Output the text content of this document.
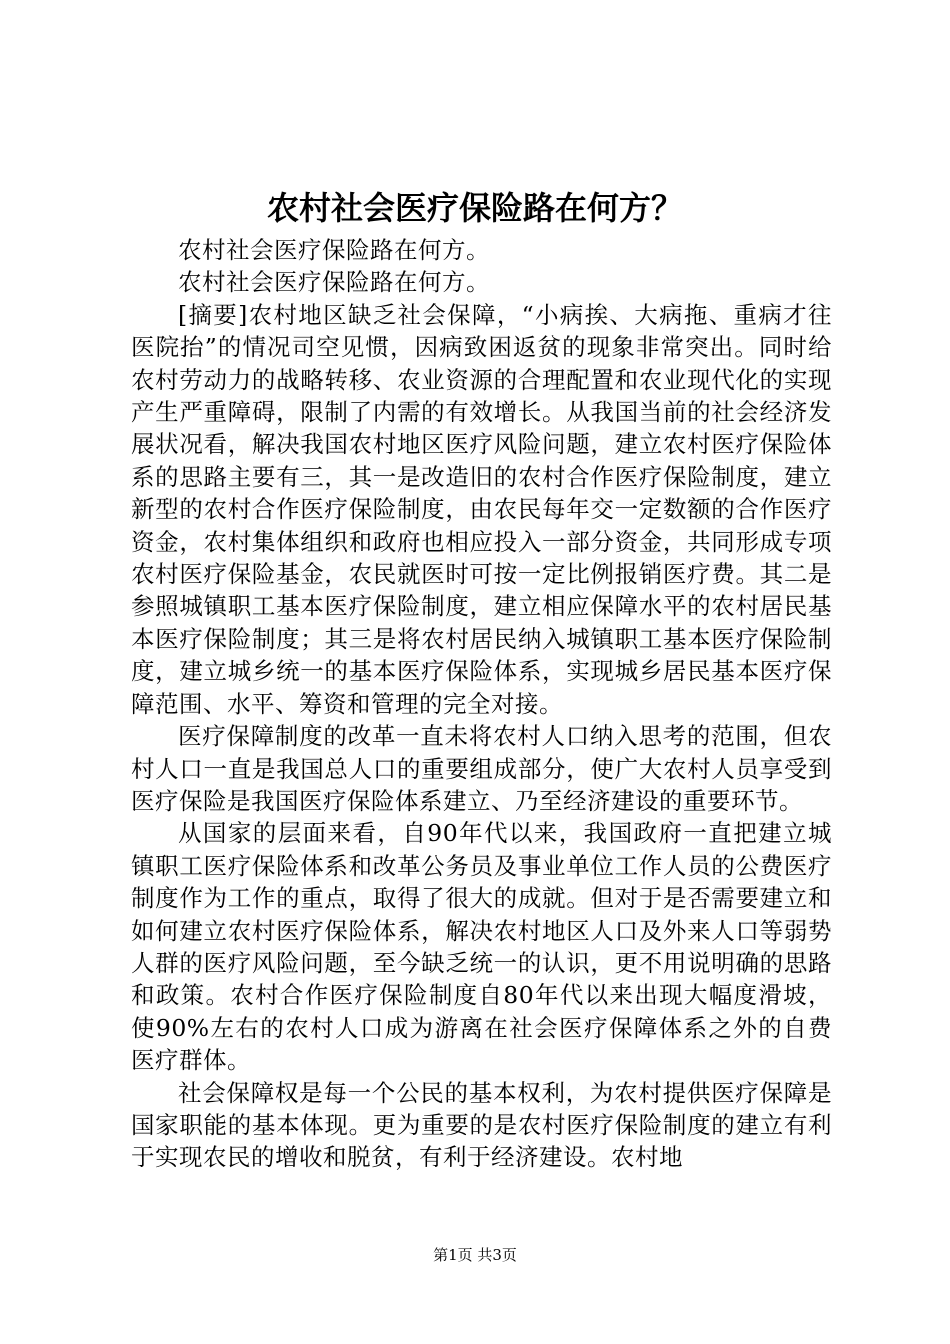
农村社会医疗保险路在何方？

农村社会医疗保险路在何方。

农村社会医疗保险路在何方。

[摘要]农村地区缺乏社会保障，“小病挨、大病拖、重病才往医院抬”的情况司空见惯，因病致困返贫的现象非常突出。同时给农村劳动力的战略转移、农业资源的合理配置和农业现代化的实现产生严重障碍，限制了内需的有效增长。从我国当前的社会经济发展状况看，解决我国农村地区医疗风险问题，建立农村医疗保险体系的思路主要有三，其一是改造旧的农村合作医疗保险制度，建立新型的农村合作医疗保险制度，由农民每年交一定数额的合作医疗资金，农村集体组织和政府也相应投入一部分资金，共同形成专项农村医疗保险基金，农民就医时可按一定比例报销医疗费。其二是参照城镇职工基本医疗保险制度，建立相应保障水平的农村居民基本医疗保险制度；其三是将农村居民纳入城镇职工基本医疗保险制度，建立城乡统一的基本医疗保险体系，实现城乡居民基本医疗保障范围、水平、筹资和管理的完全对接。

医疗保障制度的改革一直未将农村人口纳入思考的范围，但农村人口一直是我国总人口的重要组成部分，使广大农村人员享受到医疗保险是我国医疗保险体系建立、乃至经济建设的重要环节。

从国家的层面来看，自90年代以来，我国政府一直把建立城镇职工医疗保险体系和改革公务员及事业单位工作人员的公费医疗制度作为工作的重点，取得了很大的成就。但对于是否需要建立和如何建立农村医疗保险体系，解决农村地区人口及外来人口等弱势人群的医疗风险问题，至今缺乏统一的认识，更不用说明确的思路和政策。农村合作医疗保险制度自80年代以来出现大幅度滑坡，使90%左右的农村人口成为游离在社会医疗保障体系之外的自费医疗群体。

社会保障权是每一个公民的基本权利，为农村提供医疗保障是国家职能的基本体现。更为重要的是农村医疗保险制度的建立有利于实现农民的增收和脱贫，有利于经济建设。农村地

第1页 共3页
